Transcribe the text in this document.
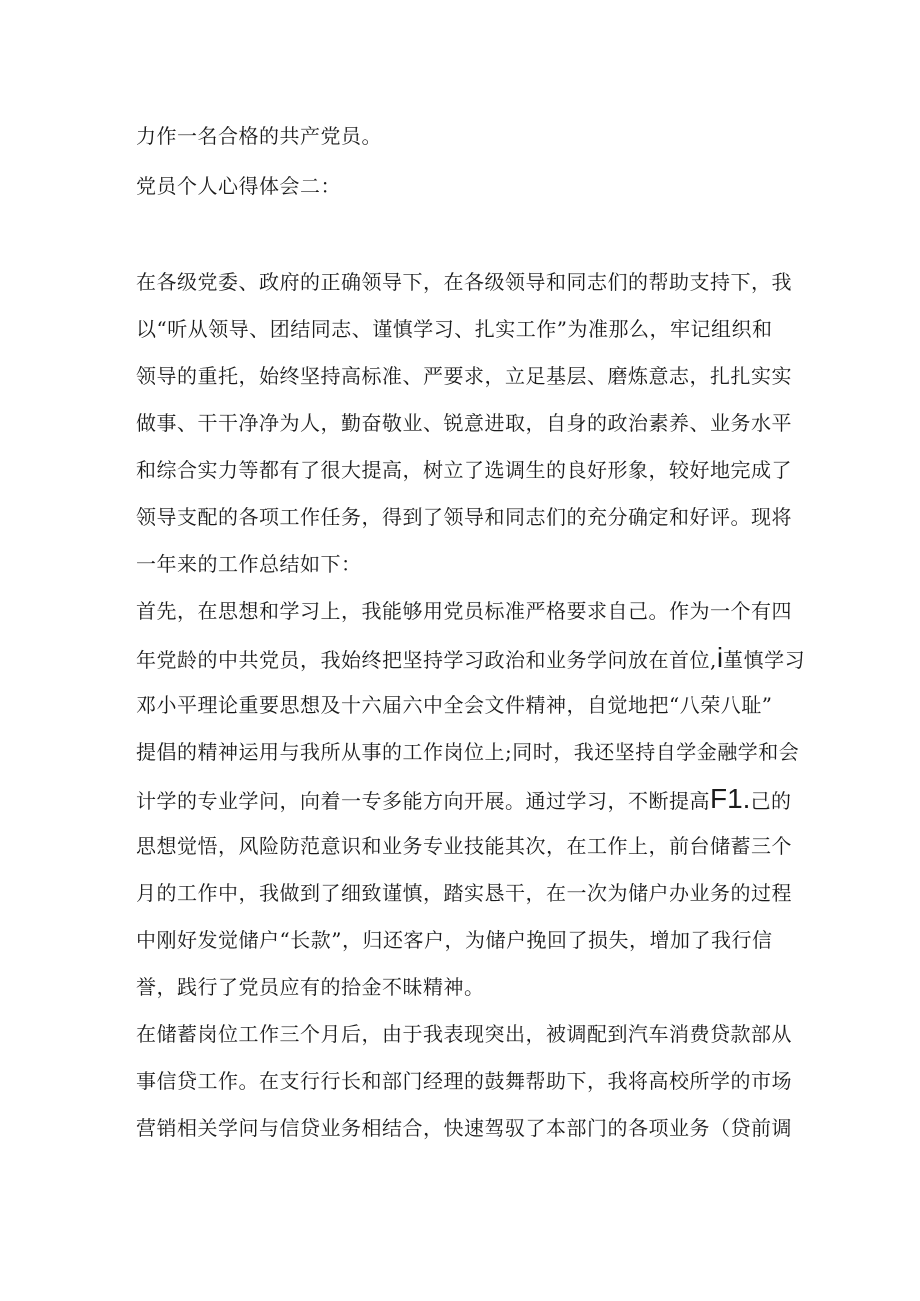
力作一名合格的共产党员。
党员个人心得体会二：
在各级党委、政府的正确领导下，在各级领导和同志们的帮助支持下，我
以“听从领导、团结同志、谨慎学习、扎实工作”为准那么，牢记组织和
领导的重托，始终坚持高标准、严要求，立足基层、磨炼意志，扎扎实实
做事、干干净净为人，勤奋敬业、锐意进取，自身的政治素养、业务水平
和综合实力等都有了很大提高，树立了选调生的良好形象，较好地完成了
领导支配的各项工作任务，得到了领导和同志们的充分确定和好评。现将
一年来的工作总结如下：
首先，在思想和学习上，我能够用党员标准严格要求自己。作为一个有四
年党龄的中共党员，我始终把坚持学习政治和业务学问放在首位,i堇慎学习
邓小平理论重要思想及十六届六中全会文件精神，自觉地把“八荣八耻”
提倡的精神运用与我所从事的工作岗位上;同时，我还坚持自学金融学和会
计学的专业学问，向着一专多能方向开展。通过学习，不断提高F1.己的
思想觉悟，风险防范意识和业务专业技能其次，在工作上，前台储蓄三个
月的工作中，我做到了细致谨慎，踏实恳干，在一次为储户办业务的过程
中刚好发觉储户“长款”，归还客户，为储户挽回了损失，增加了我行信
誉，践行了党员应有的拾金不昧精神。
在储蓄岗位工作三个月后，由于我表现突出，被调配到汽车消费贷款部从
事信贷工作。在支行行长和部门经理的鼓舞帮助下，我将高校所学的市场
营销相关学问与信贷业务相结合，快速驾驭了本部门的各项业务（贷前调
